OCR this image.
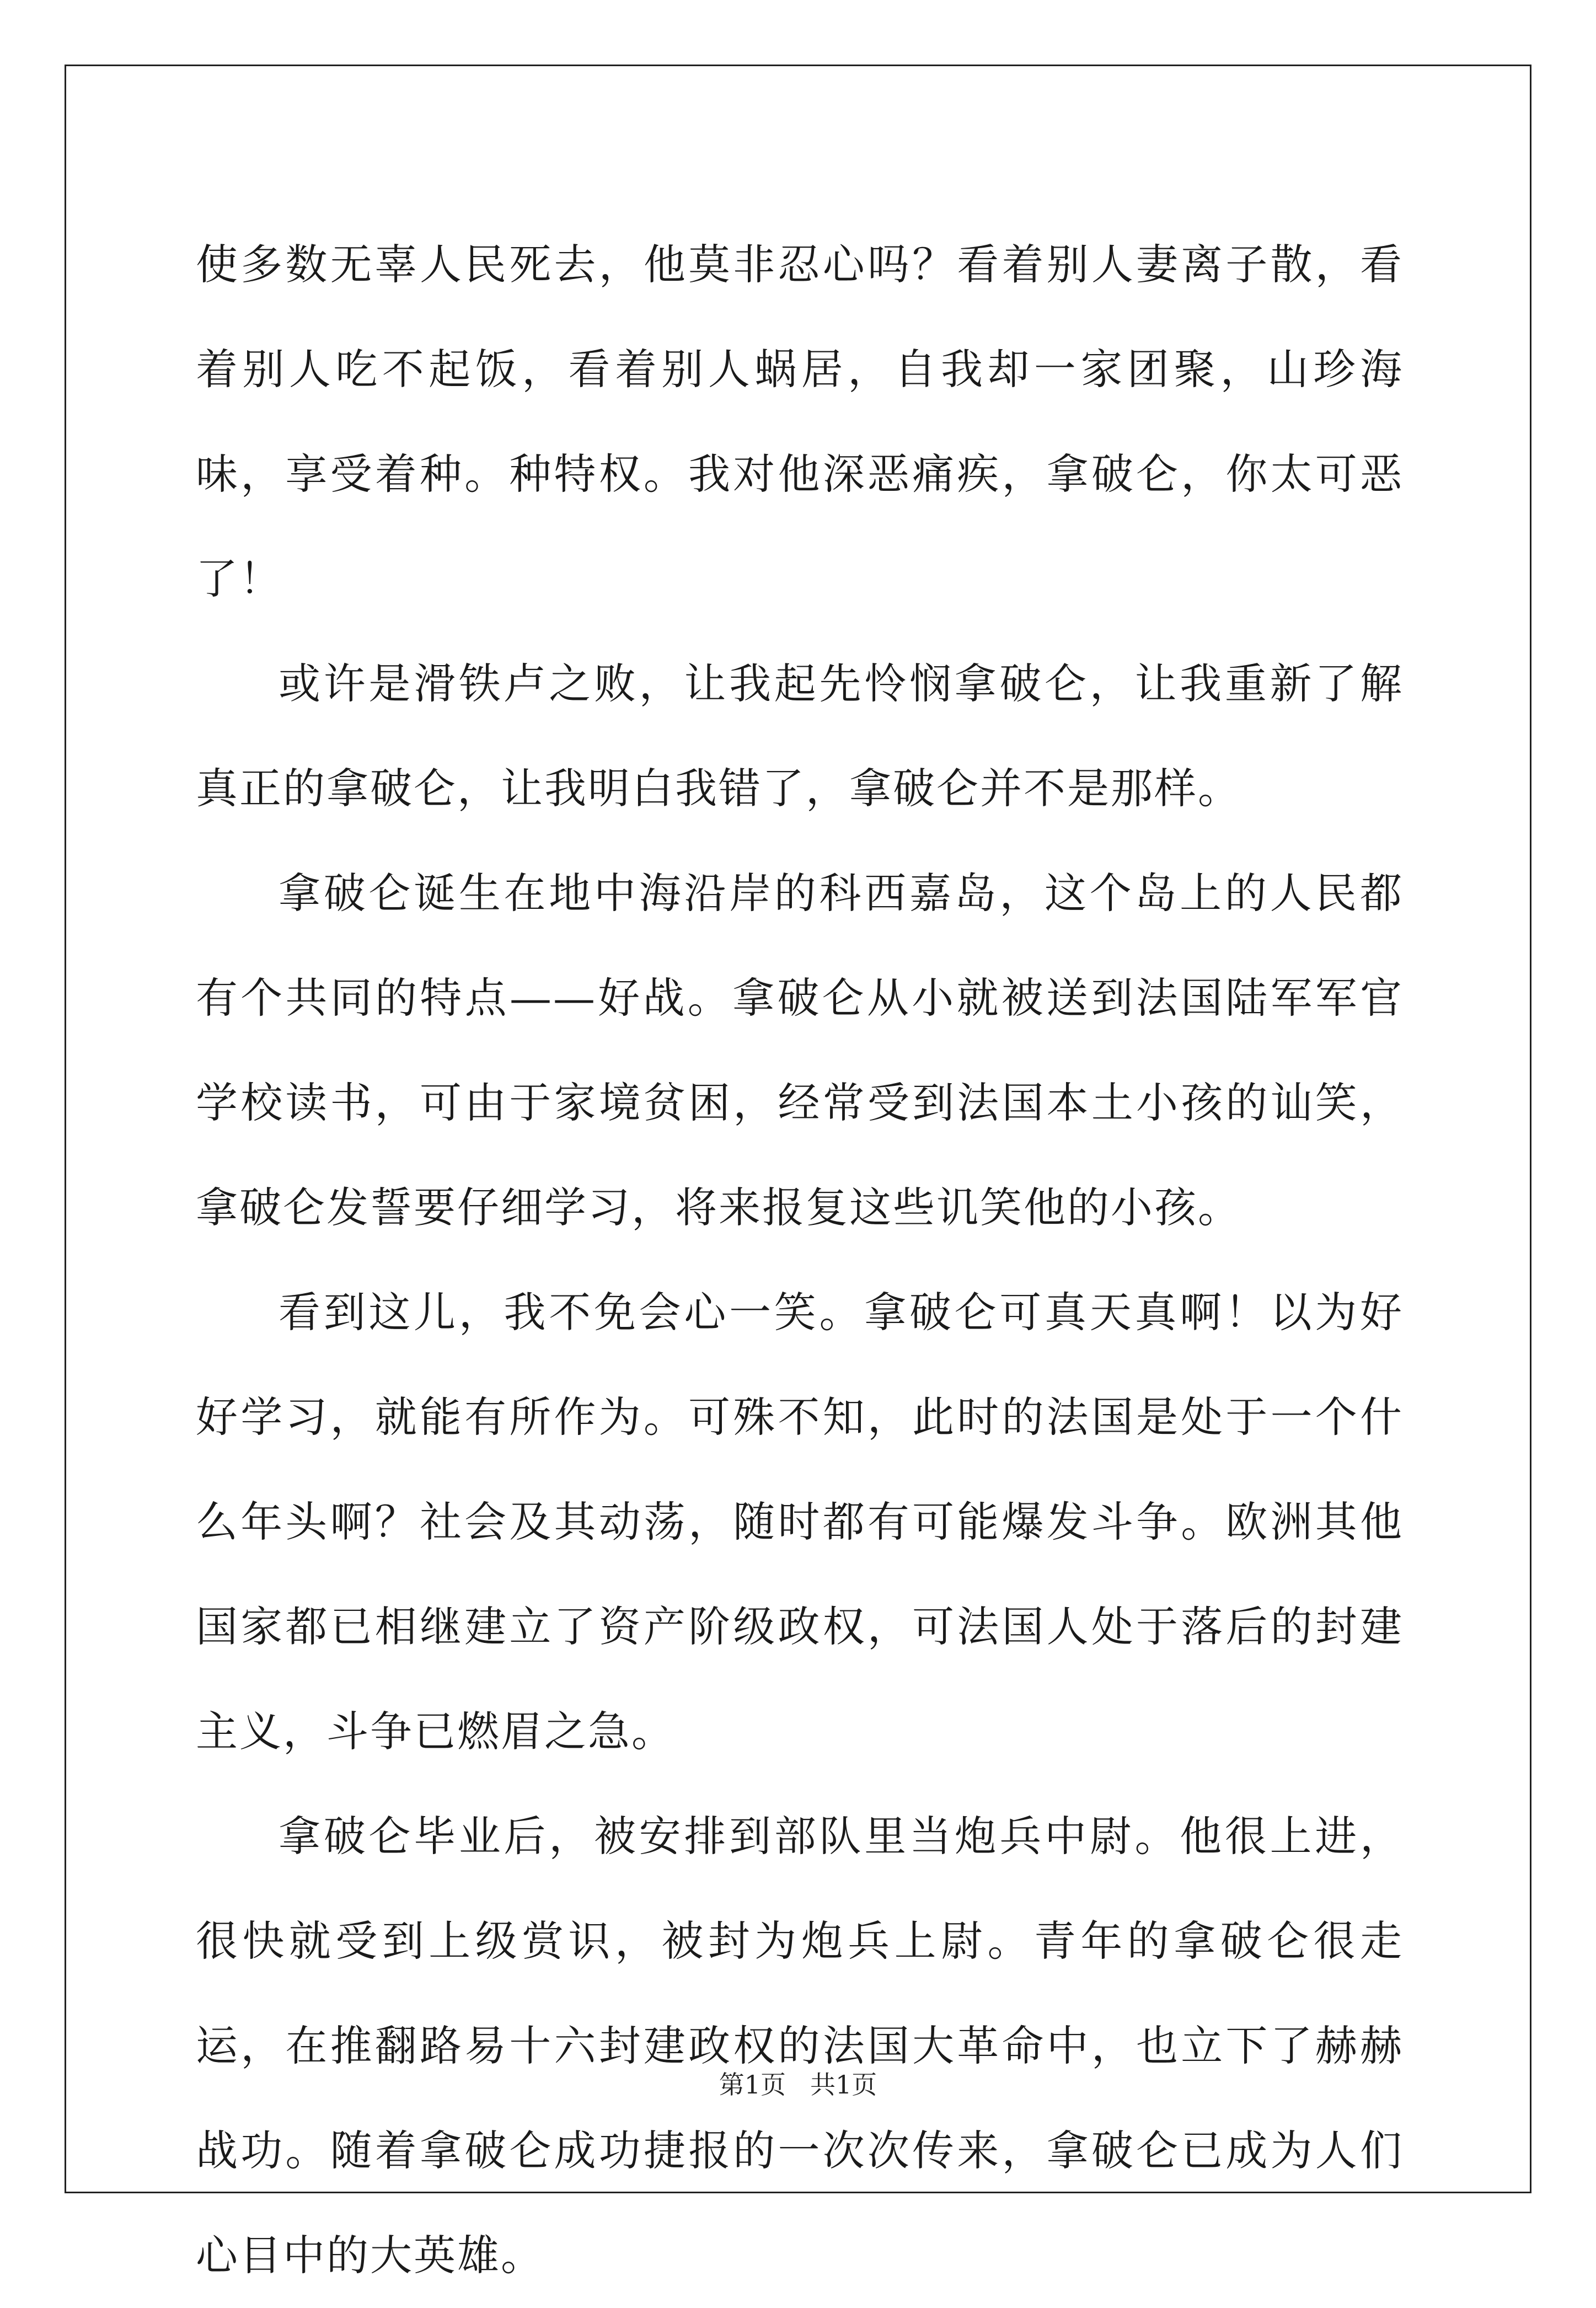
使多数无辜人民死去，他莫非忍心吗？看着别人妻离子散，看着别人吃不起饭，看着别人蜗居，自我却一家团聚，山珍海味，享受着种。种特权。我对他深恶痛疾，拿破仑，你太可恶了！

或许是滑铁卢之败，让我起先怜悯拿破仑，让我重新了解真正的拿破仑，让我明白我错了，拿破仑并不是那样。

拿破仑诞生在地中海沿岸的科西嘉岛，这个岛上的人民都有个共同的特点——好战。拿破仑从小就被送到法国陆军军官学校读书，可由于家境贫困，经常受到法国本土小孩的讪笑，拿破仑发誓要仔细学习，将来报复这些讥笑他的小孩。

看到这儿，我不免会心一笑。拿破仑可真天真啊！以为好好学习，就能有所作为。可殊不知，此时的法国是处于一个什么年头啊？社会及其动荡，随时都有可能爆发斗争。欧洲其他国家都已相继建立了资产阶级政权，可法国人处于落后的封建主义，斗争已燃眉之急。

拿破仑毕业后，被安排到部队里当炮兵中尉。他很上进，很快就受到上级赏识，被封为炮兵上尉。青年的拿破仑很走运，在推翻路易十六封建政权的法国大革命中，也立下了赫赫战功。随着拿破仑成功捷报的一次次传来，拿破仑已成为人们心目中的大英雄。

第1页 共1页
